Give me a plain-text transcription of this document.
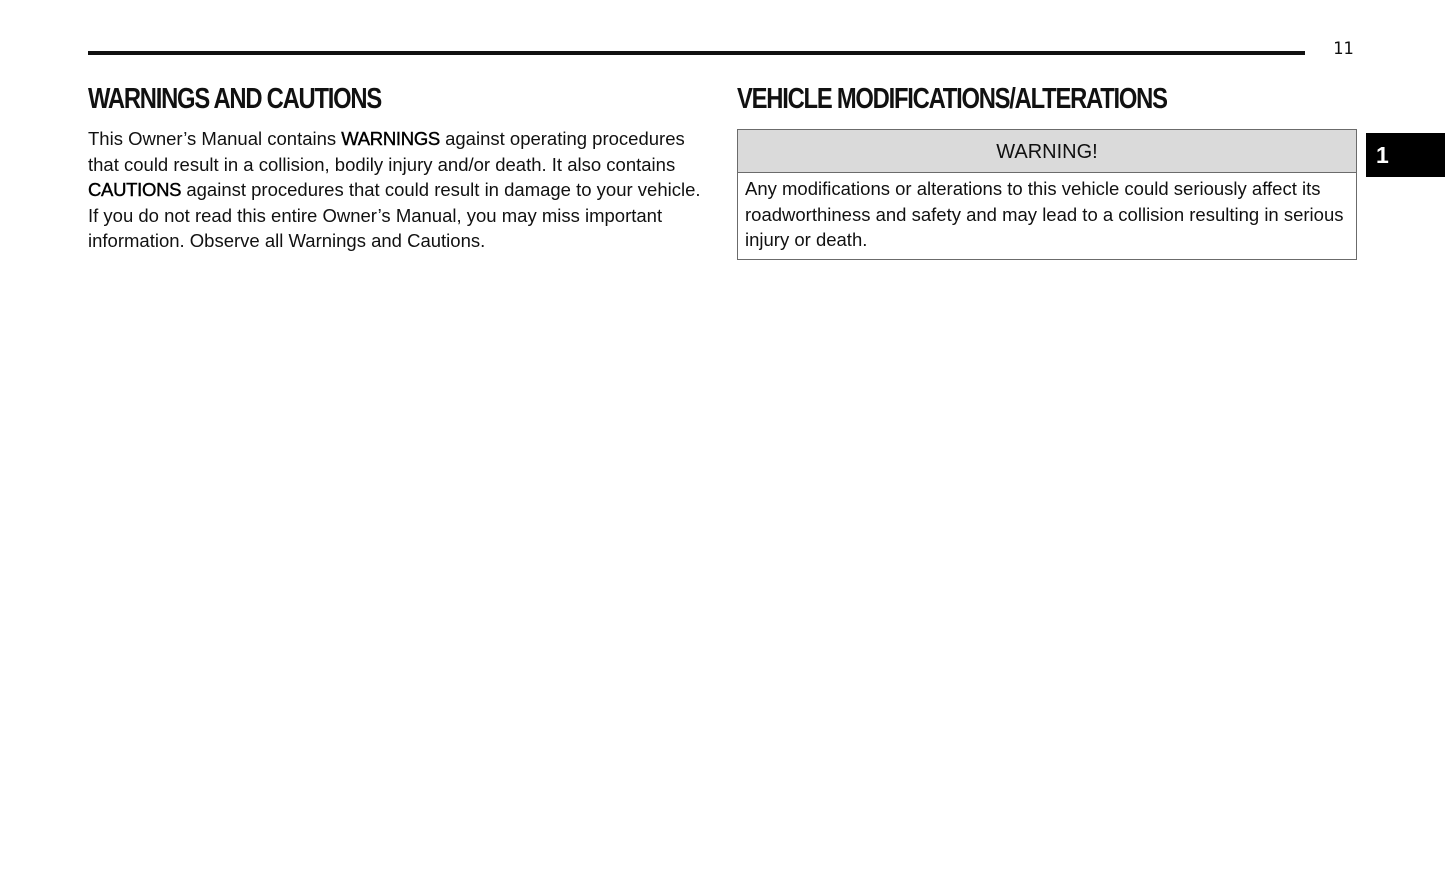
11
1
WARNINGS AND CAUTIONS

This Owner’s Manual contains WARNINGS against operating procedures that could result in a collision, bodily injury and/or death. It also contains CAUTIONS against procedures that could result in damage to your vehicle. If you do not read this entire Owner’s Manual, you may miss important information. Observe all Warnings and Cautions.

VEHICLE MODIFICATIONS/ALTERATIONS
WARNING!
Any modifications or alterations to this vehicle could seriously affect its roadworthiness and safety and may lead to a collision resulting in serious injury or death.
